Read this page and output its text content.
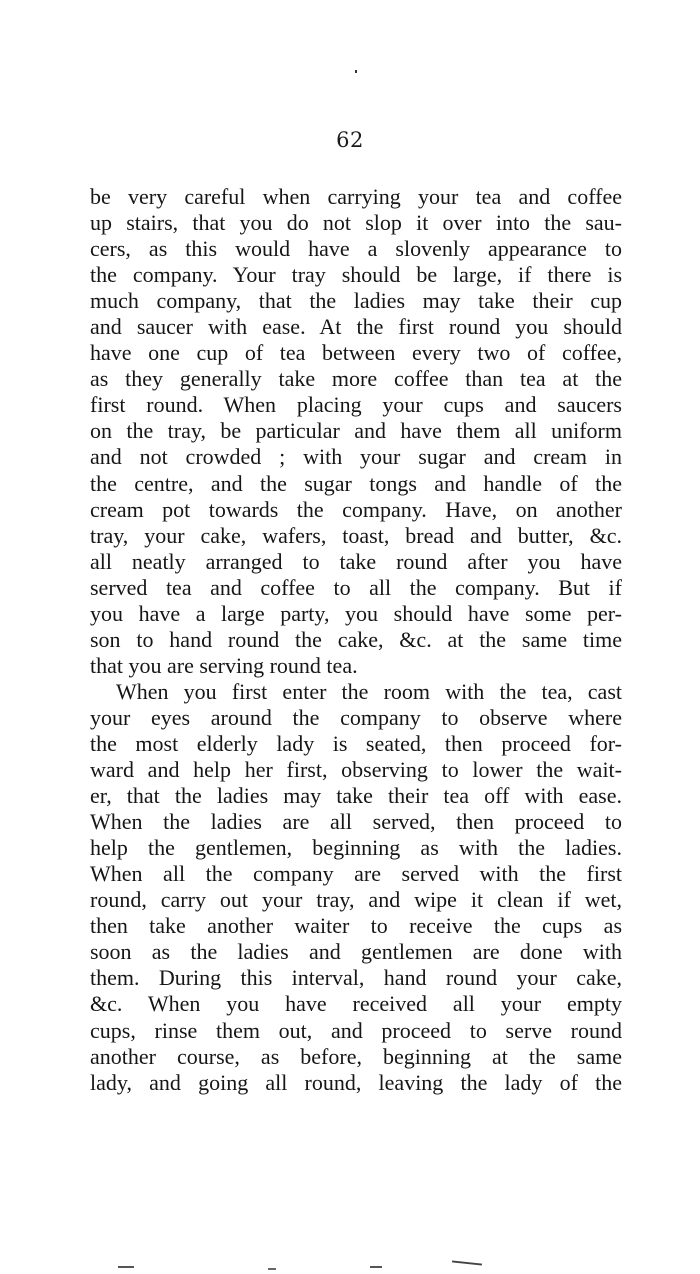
62
be very careful when carrying your tea and coffee
up stairs, that you do not slop it over into the sau-
cers, as this would have a slovenly appearance to
the company. Your tray should be large, if there is
much company, that the ladies may take their cup
and saucer with ease. At the first round you should
have one cup of tea between every two of coffee,
as they generally take more coffee than tea at the
first round. When placing your cups and saucers
on the tray, be particular and have them all uniform
and not crowded ; with your sugar and cream in
the centre, and the sugar tongs and handle of the
cream pot towards the company. Have, on another
tray, your cake, wafers, toast, bread and butter, &c.
all neatly arranged to take round after you have
served tea and coffee to all the company. But if
you have a large party, you should have some per-
son to hand round the cake, &c. at the same time
that you are serving round tea.
When you first enter the room with the tea, cast
your eyes around the company to observe where
the most elderly lady is seated, then proceed for-
ward and help her first, observing to lower the wait-
er, that the ladies may take their tea off with ease.
When the ladies are all served, then proceed to
help the gentlemen, beginning as with the ladies.
When all the company are served with the first
round, carry out your tray, and wipe it clean if wet,
then take another waiter to receive the cups as
soon as the ladies and gentlemen are done with
them. During this interval, hand round your cake,
&c. When you have received all your empty
cups, rinse them out, and proceed to serve round
another course, as before, beginning at the same
lady, and going all round, leaving the lady of the
